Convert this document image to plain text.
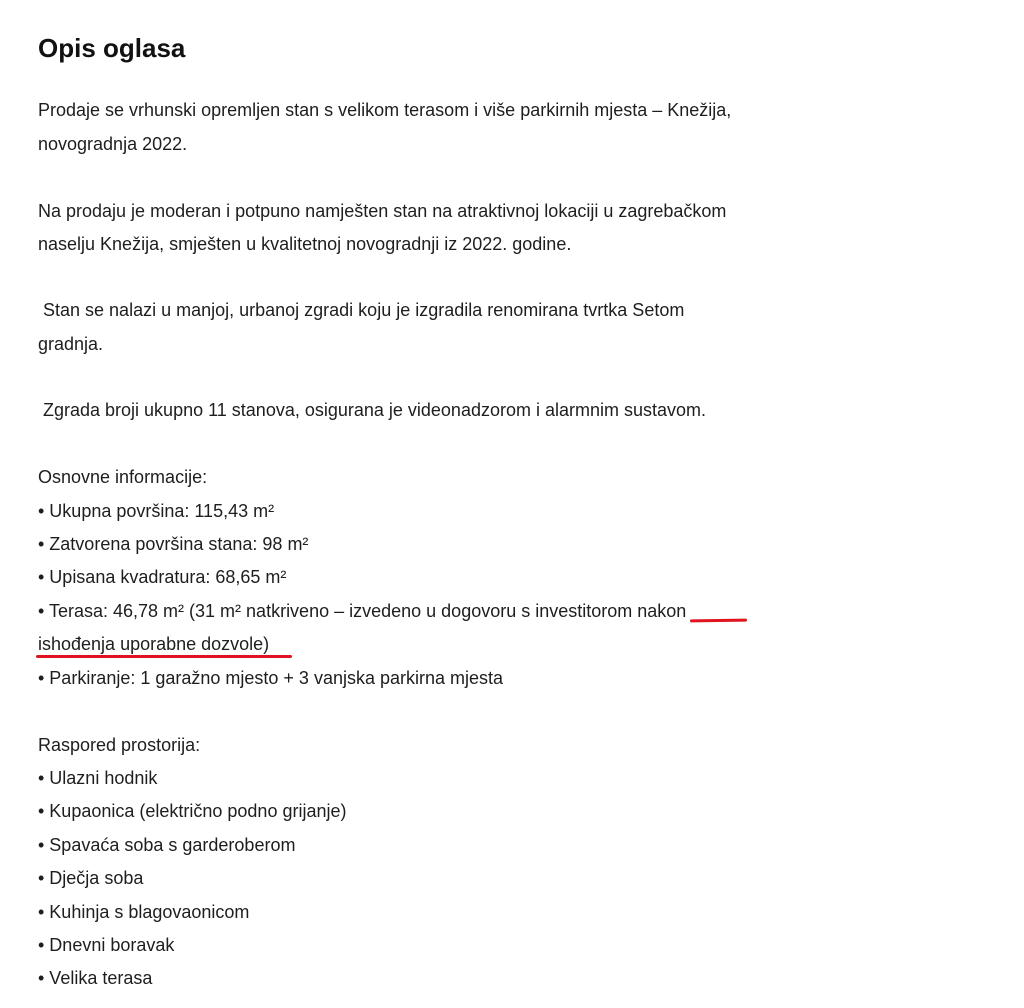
Opis oglasa
Prodaje se vrhunski opremljen stan s velikom terasom i više parkirnih mjesta – Knežija,
novogradnja 2022.
Na prodaju je moderan i potpuno namješten stan na atraktivnoj lokaciji u zagrebačkom
naselju Knežija, smješten u kvalitetnoj novogradnji iz 2022. godine.
Stan se nalazi u manjoj, urbanoj zgradi koju je izgradila renomirana tvrtka Setom
gradnja.
Zgrada broji ukupno 11 stanova, osigurana je videonadzorom i alarmnim sustavom.
Osnovne informacije:
• Ukupna površina: 115,43 m²
• Zatvorena površina stana: 98 m²
• Upisana kvadratura: 68,65 m²
• Terasa: 46,78 m² (31 m² natkriveno – izvedeno u dogovoru s investitorom nakon
ishođenja uporabne dozvole)
• Parkiranje: 1 garažno mjesto + 3 vanjska parkirna mjesta
Raspored prostorija:
• Ulazni hodnik
• Kupaonica (električno podno grijanje)
• Spavaća soba s garderoberom
• Dječja soba
• Kuhinja s blagovaonicom
• Dnevni boravak
• Velika terasa
